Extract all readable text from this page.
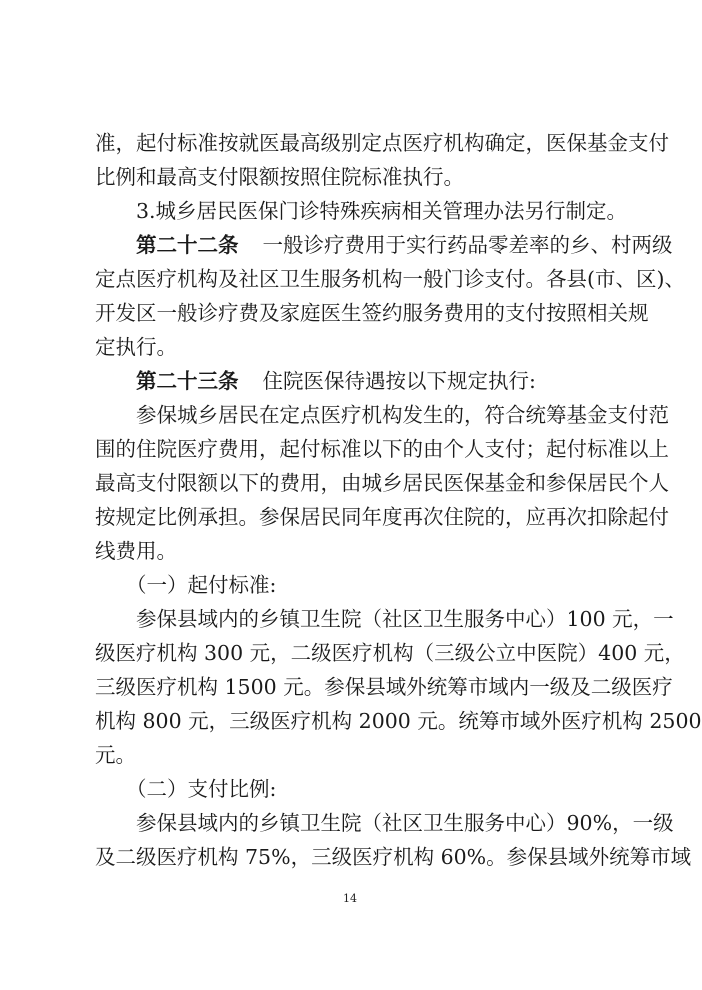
准，起付标准按就医最高级别定点医疗机构确定，医保基金支付
比例和最高支付限额按照住院标准执行。
3.城乡居民医保门诊特殊疾病相关管理办法另行制定。
第二十二条 一般诊疗费用于实行药品零差率的乡、村两级
定点医疗机构及社区卫生服务机构一般门诊支付。各县(市、区)、
开发区一般诊疗费及家庭医生签约服务费用的支付按照相关规
定执行。
第二十三条 住院医保待遇按以下规定执行:
参保城乡居民在定点医疗机构发生的，符合统筹基金支付范
围的住院医疗费用，起付标准以下的由个人支付；起付标准以上
最高支付限额以下的费用，由城乡居民医保基金和参保居民个人
按规定比例承担。参保居民同年度再次住院的，应再次扣除起付
线费用。
（一）起付标准:
参保县域内的乡镇卫生院（社区卫生服务中心）100 元，一
级医疗机构 300 元，二级医疗机构（三级公立中医院）400 元，
三级医疗机构 1500 元。参保县域外统筹市域内一级及二级医疗
机构 800 元，三级医疗机构 2000 元。统筹市域外医疗机构 2500
元。
（二）支付比例:
参保县域内的乡镇卫生院（社区卫生服务中心）90%，一级
及二级医疗机构 75%，三级医疗机构 60%。参保县域外统筹市域
14
